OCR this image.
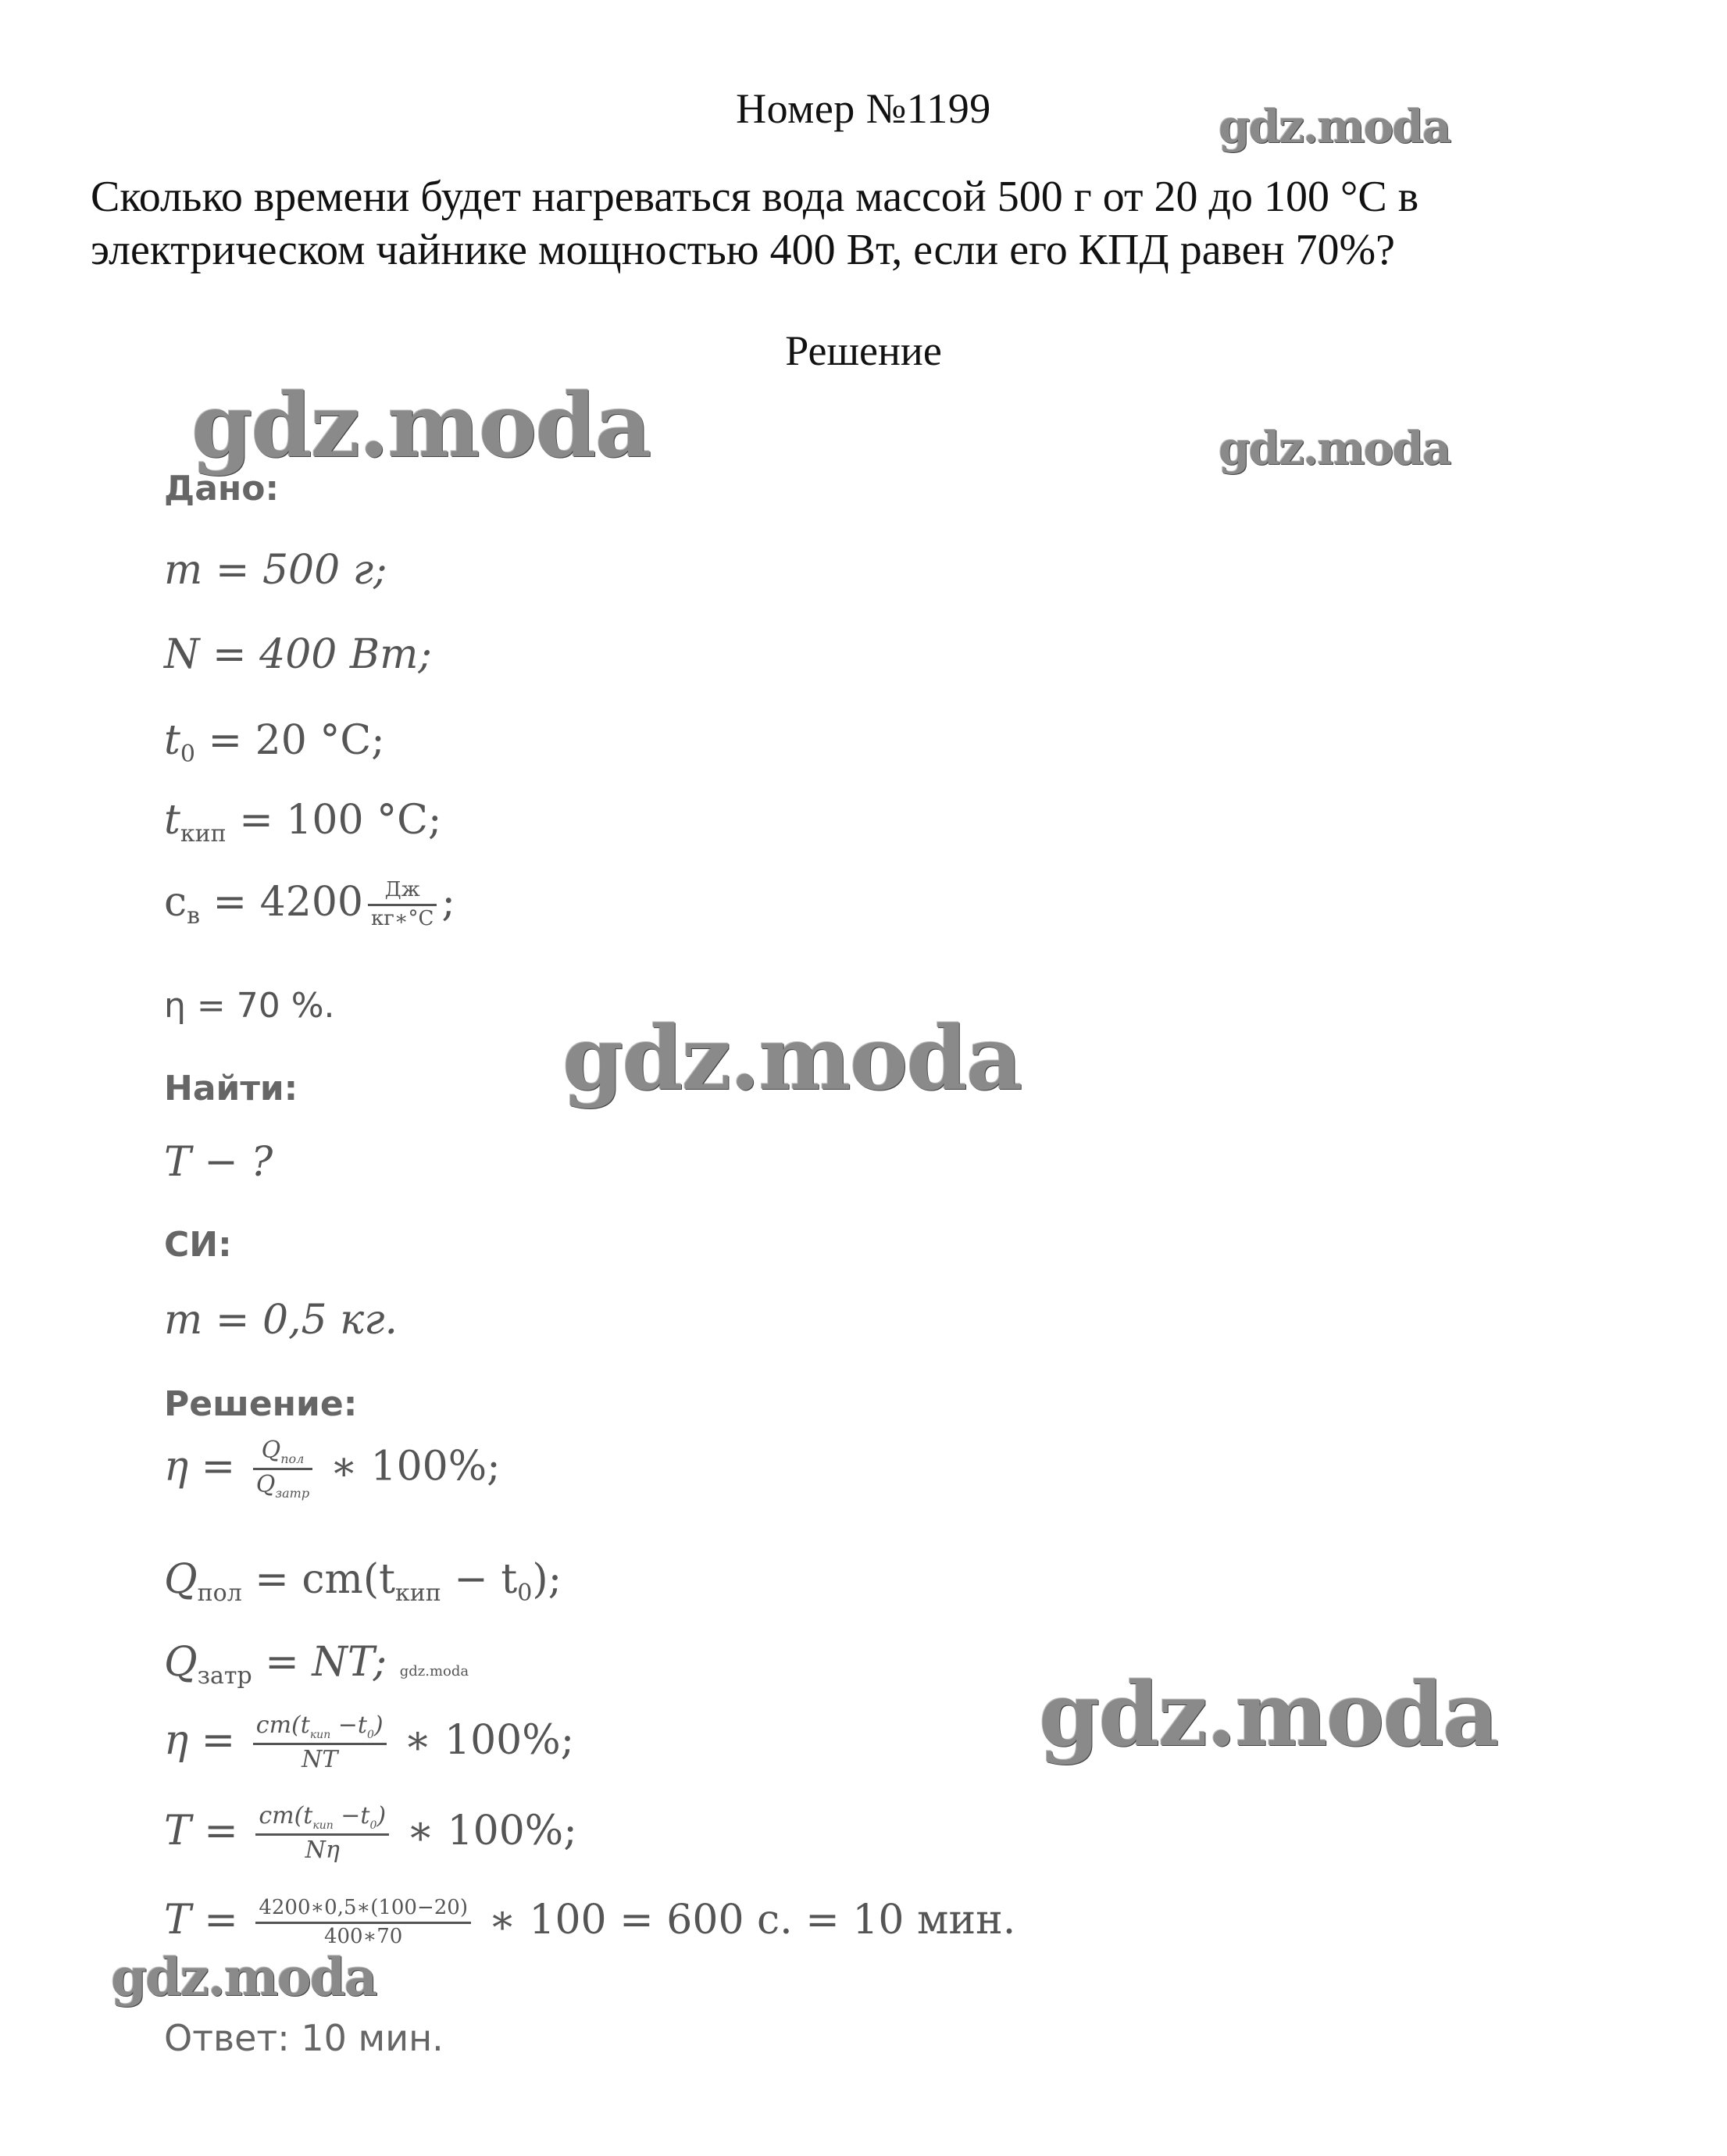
Номер №1199
Сколько времени будет нагреваться вода массой 500 г от 20 до 100 °С в
электрическом чайнике мощностью 400 Вт, если его КПД равен 70%?
Решение
gdz.moda
gdz.moda	gdz.moda
gdz.moda
gdz.moda
gdz.moda
Дано:
m = 500 г;
N = 400 Вт;
$t_0 = 20$ °С;
$t_{кип} = 100$ °С;
$c_в = 4200 \frac{Дж}{кг∗^\circ С}$ ;
η = 70 %.
Найти:
T − ?
СИ:
m = 0,5 кг.
Решение:
$\eta = \frac{Q_{пол}}{Q_{затр}}$ ∗ 100%;
$Q_{пол} = cm(t_{кип} - t_0)$;
$Q_{затр}$ = NT; gdz.moda
$\eta = \frac{cm(t_{кип} -t_0)}{NT}$ ∗ 100%;
$T = \frac{cm(t_{кип} -t_0)}{N\eta}$ ∗ 100%;
$T = \frac{4200∗0,5∗(100-20)}{400∗70}$ ∗ 100 = 600 с. = 10 мин.
Ответ: 10 мин.
